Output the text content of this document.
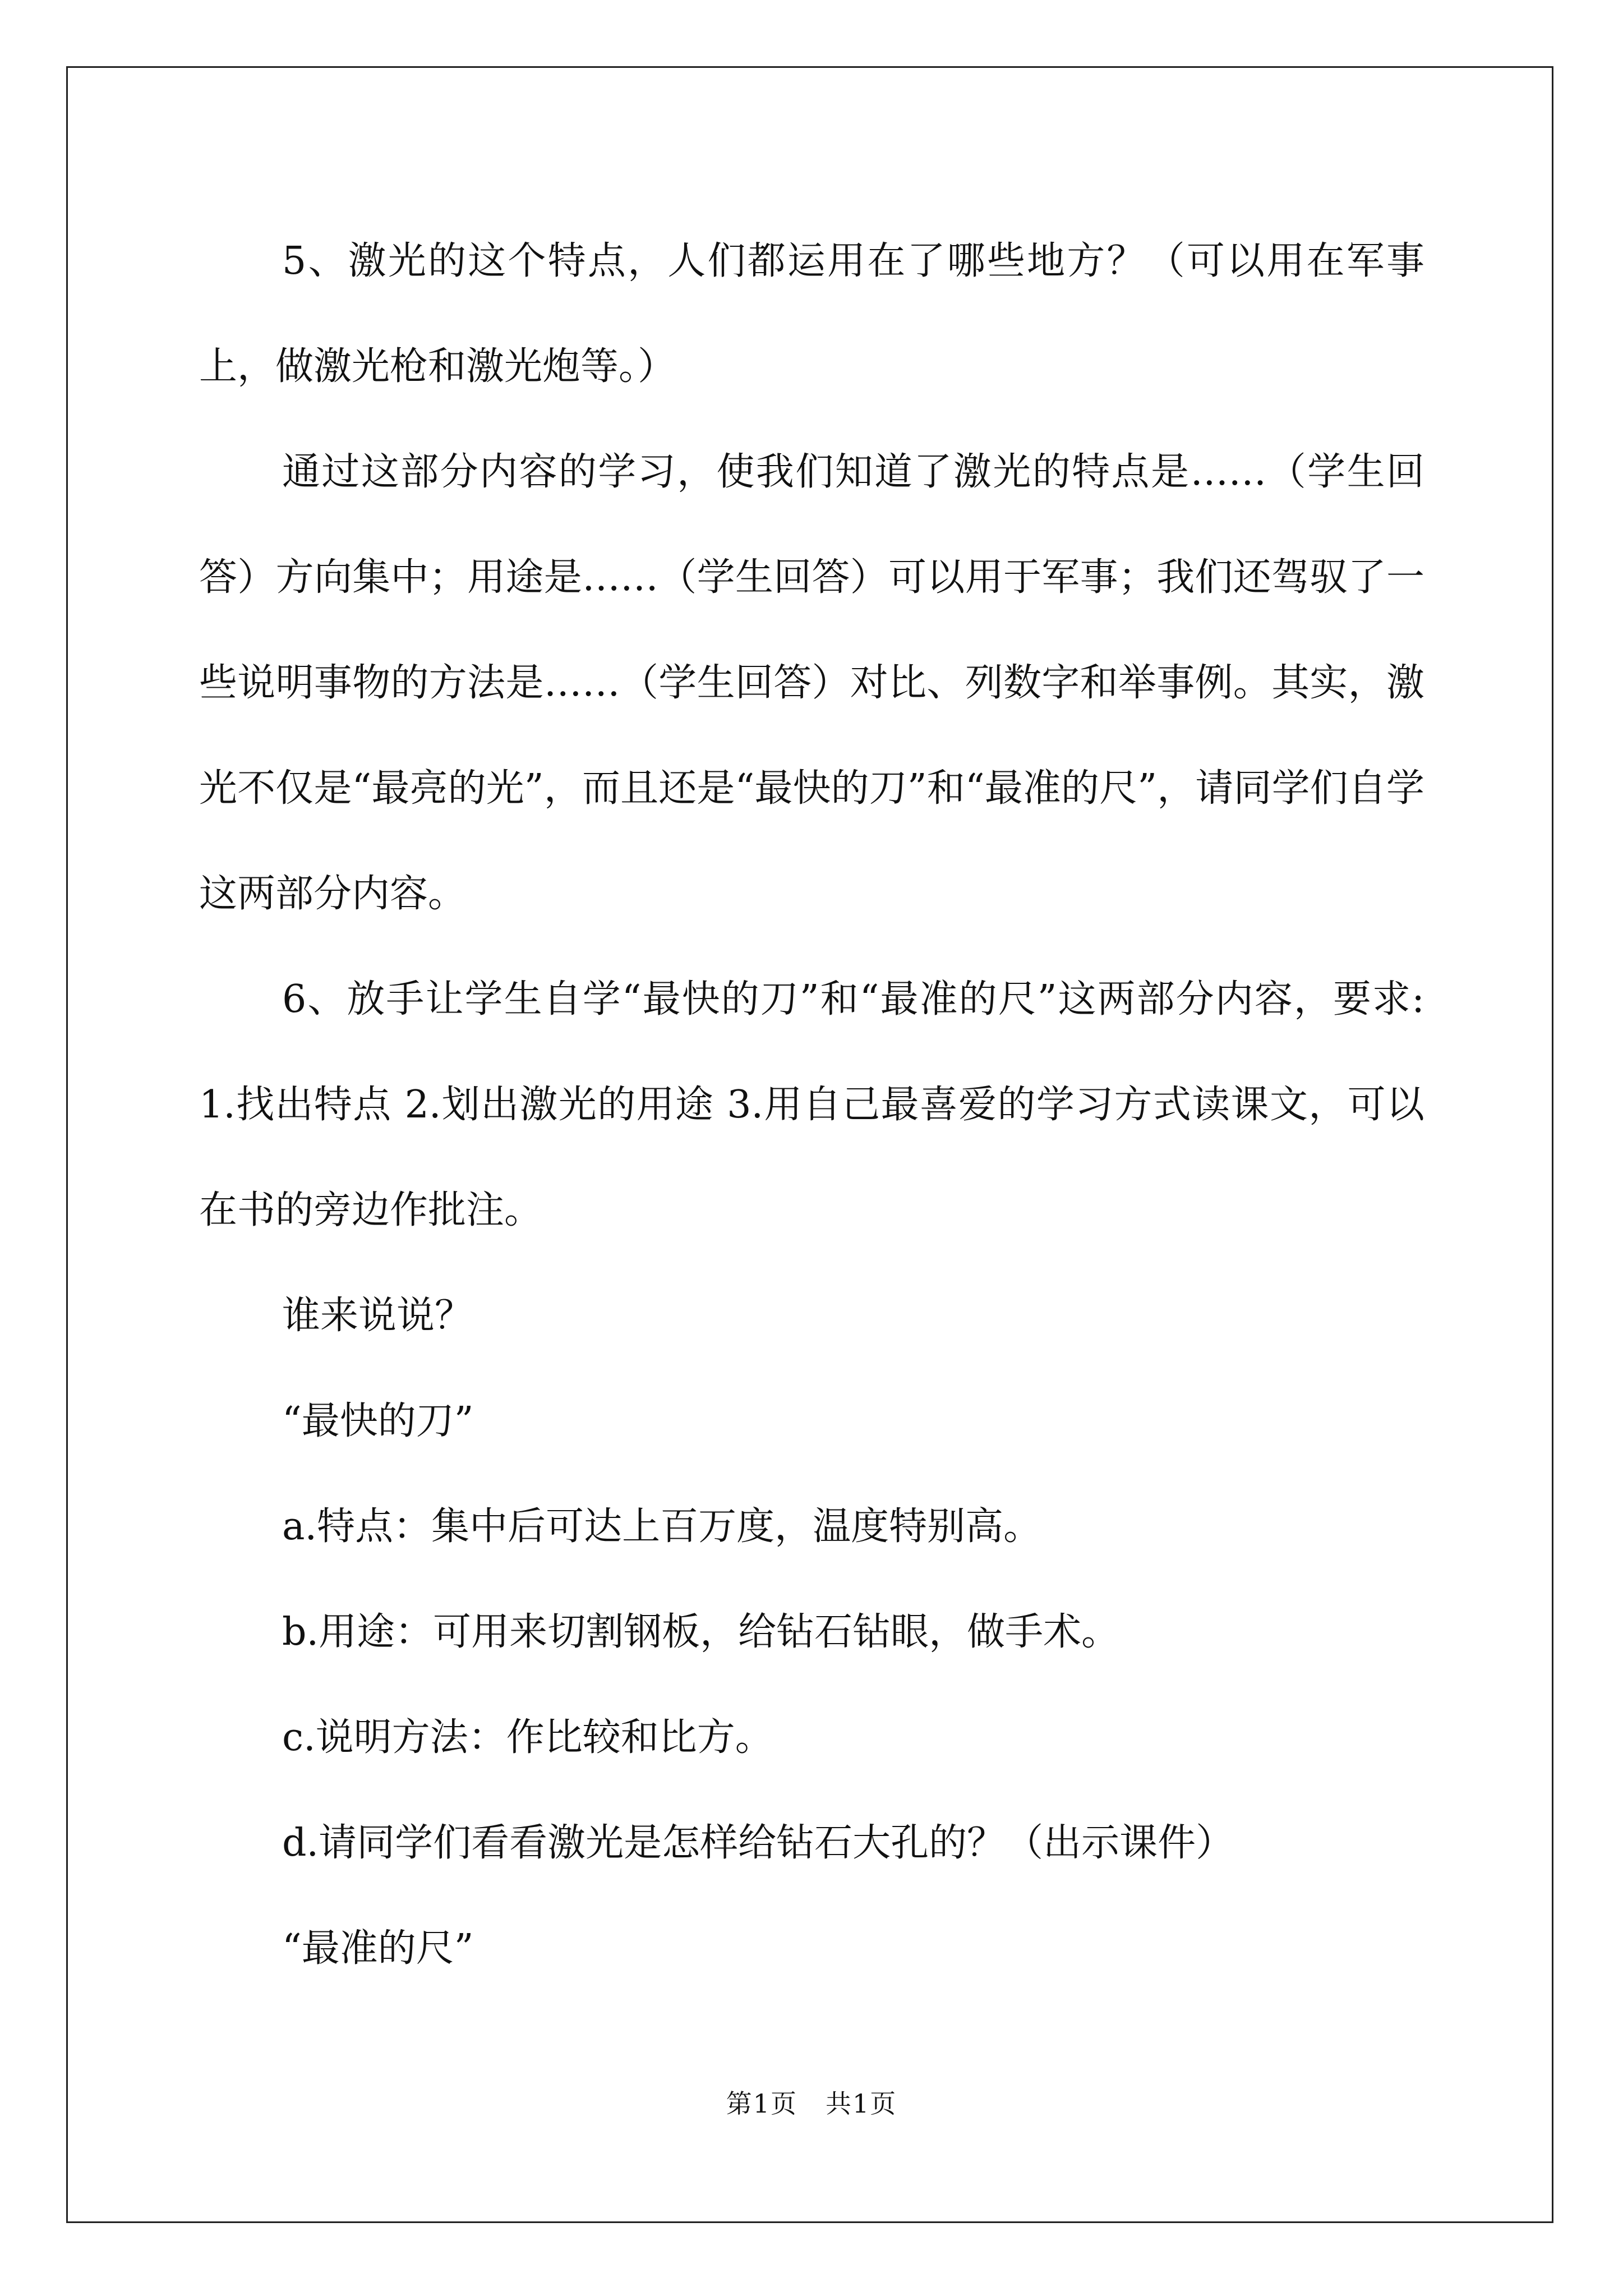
5、激光的这个特点，人们都运用在了哪些地方？（可以用在军事上，做激光枪和激光炮等。）

通过这部分内容的学习，使我们知道了激光的特点是……（学生回答）方向集中；用途是……（学生回答）可以用于军事；我们还驾驭了一些说明事物的方法是……（学生回答）对比、列数字和举事例。其实，激光不仅是“最亮的光”，而且还是“最快的刀”和“最准的尺”，请同学们自学这两部分内容。

6、放手让学生自学“最快的刀”和“最准的尺”这两部分内容，要求: 1.找出特点 2.划出激光的用途 3.用自己最喜爱的学习方式读课文，可以在书的旁边作批注。

谁来说说？

“最快的刀”

a.特点：集中后可达上百万度，温度特别高。

b.用途：可用来切割钢板，给钻石钻眼，做手术。

c.说明方法：作比较和比方。

d.请同学们看看激光是怎样给钻石大孔的？（出示课件）

“最准的尺”

第1页 共1页
